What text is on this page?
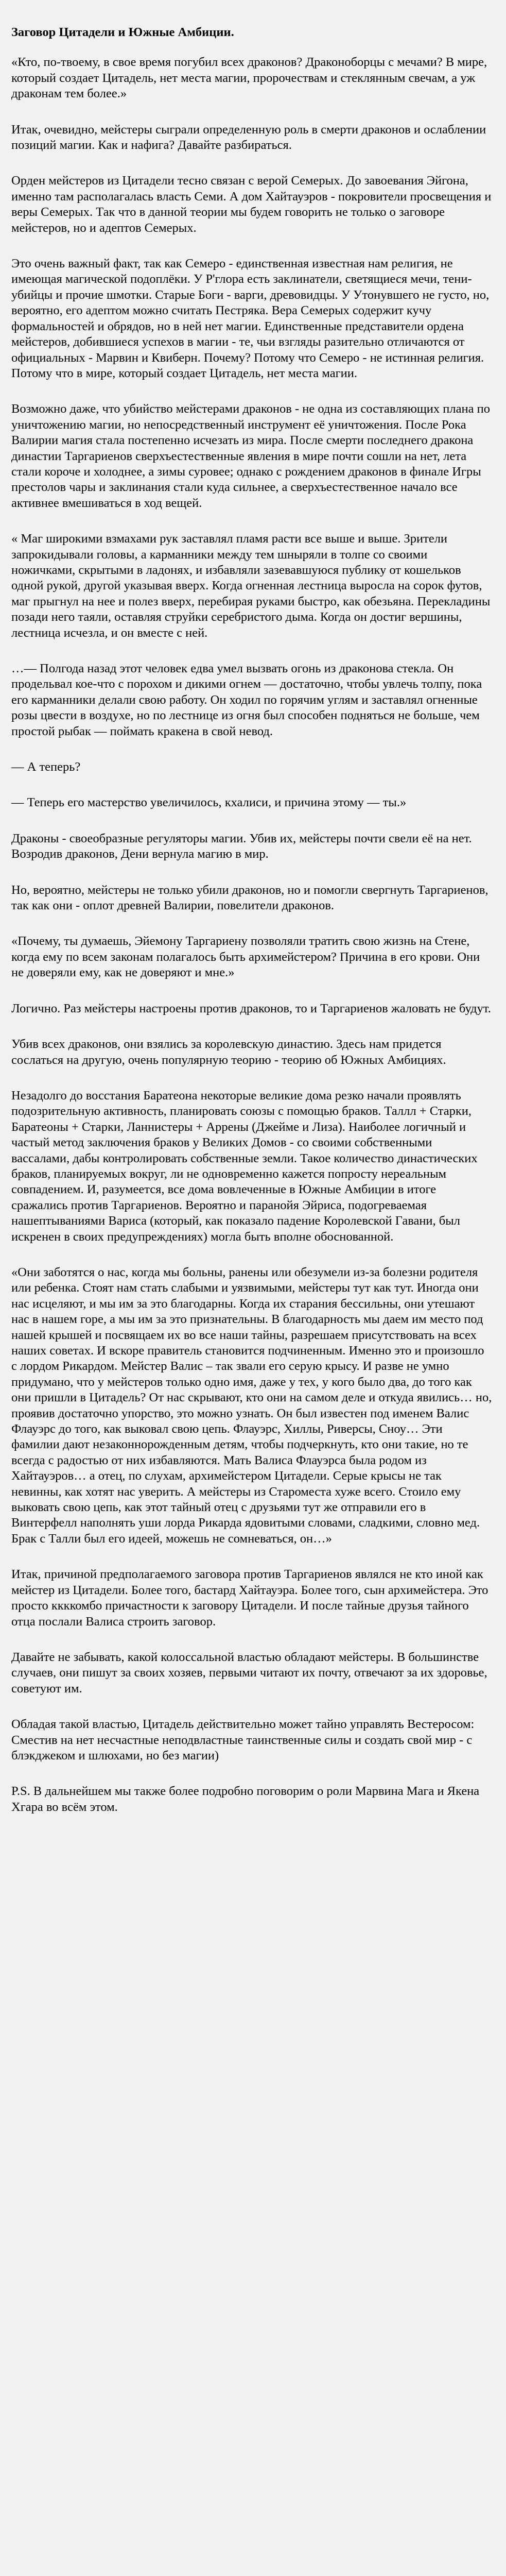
Заговор Цитадели и Южные Амбиции.

«Кто, по-твоему, в свое время погубил всех драконов? Драконоборцы с мечами? В мире, который создает Цитадель, нет места магии, пророчествам и стеклянным свечам, а уж драконам тем более.»

Итак, очевидно, мейстеры сыграли определенную роль в смерти драконов и ослаблении позиций магии. Как и нафига? Давайте разбираться.

Орден мейстеров из Цитадели тесно связан с верой Семерых. До завоевания Эйгона, именно там располагалась власть Семи. А дом Хайтауэров - покровители просвещения и веры Семерых. Так что в данной теории мы будем говорить не только о заговоре мейстеров, но и адептов Семерых.

Это очень важный факт, так как Семеро - единственная известная нам религия, не имеющая магической подоплёки. У Р'глора есть заклинатели, светящиеся мечи, тени-убийцы и прочие шмотки. Старые Боги - варги, древовидцы. У Утонувшего не густо, но, вероятно, его адептом можно считать Пестряка. Вера Семерых содержит кучу формальностей и обрядов, но в ней нет магии. Единственные представители ордена мейстеров, добившиеся успехов в магии - те, чьи взгляды разительно отличаются от официальных - Марвин и Квиберн. Почему? Потому что Семеро - не истинная религия. Потому что в мире, который создает Цитадель, нет места магии.

Возможно даже, что убийство мейстерами драконов - не одна из составляющих плана по уничтожению магии, но непосредственный инструмент её уничтожения. После Рока Валирии магия стала постепенно исчезать из мира. После смерти последнего дракона династии Таргариенов сверхъестественные явления в мире почти сошли на нет, лета стали короче и холоднее, а зимы суровее; однако с рождением драконов в финале Игры престолов чары и заклинания стали куда сильнее, а сверхъестественное начало все активнее вмешиваться в ход вещей.

« Маг широкими взмахами рук заставлял пламя расти все выше и выше. Зрители запрокидывали головы, а карманники между тем шныряли в толпе со своими ножичками, скрытыми в ладонях, и избавляли зазевавшуюся публику от кошельков одной рукой, другой указывая вверх. Когда огненная лестница выросла на сорок футов, маг прыгнул на нее и полез вверх, перебирая руками быстро, как обезьяна. Перекладины позади него таяли, оставляя струйки серебристого дыма. Когда он достиг вершины, лестница исчезла, и он вместе с ней.

…— Полгода назад этот человек едва умел вызвать огонь из драконова стекла. Он продельвал кое-что с порохом и дикими огнем — достаточно, чтобы увлечь толпу, пока его карманники делали свою работу. Он ходил по горячим углям и заставлял огненные розы цвести в воздухе, но по лестнице из огня был способен подняться не больше, чем простой рыбак — поймать кракена в свой невод.

— А теперь?

— Теперь его мастерство увеличилось, кхалиси, и причина этому — ты.»

Драконы - своеобразные регуляторы магии. Убив их, мейстеры почти свели её на нет. Возродив драконов, Дени вернула магию в мир.

Но, вероятно, мейстеры не только убили драконов, но и помогли свергнуть Таргариенов, так как они - оплот древней Валирии, повелители драконов.

«Почему, ты думаешь, Эйемону Таргариену позволяли тратить свою жизнь на Стене, когда ему по всем законам полагалось быть архимейстером? Причина в его крови. Они не доверяли ему, как не доверяют и мне.»

Логично. Раз мейстеры настроены против драконов, то и Таргариенов жаловать не будут.

Убив всех драконов, они взялись за королевскую династию. Здесь нам придется сослаться на другую, очень популярную теорию - теорию об Южных Амбициях.

Незадолго до восстания Баратеона некоторые великие дома резко начали проявлять подозрительную активность, планировать союзы с помощью браков. Таллл + Старки, Баратеоны + Старки, Ланнистеры + Аррены (Джейме и Лиза). Наиболее логичный и частый метод заключения браков у Великих Домов - со своими собственными вассалами, дабы контролировать собственные земли. Такое количество династических браков, планируемых вокруг, ли не одновременно кажется попросту нереальным совпадением. И, разумеется, все дома вовлеченные в Южные Амбиции в итоге сражались против Таргариенов. Вероятно и паранойя Эйриса, подогреваемая нашептываниями Вариса (который, как показало падение Королевской Гавани, был искренен в своих предупреждениях) могла быть вполне обоснованной.

«Они заботятся о нас, когда мы больны, ранены или обезумели из-за болезни родителя или ребенка. Стоят нам стать слабыми и уязвимыми, мейстеры тут как тут. Иногда они нас исцеляют, и мы им за это благодарны. Когда их старания бессильны, они утешают нас в нашем горе, а мы им за это признательны. В благодарность мы даем им место под нашей крышей и посвящаем их во все наши тайны, разрешаем присутствовать на всех наших советах. И вскоре правитель становится подчиненным. Именно это и произошло с лордом Рикардом. Мейстер Валис – так звали его серую крысу. И разве не умно придумано, что у мейстеров только одно имя, даже у тех, у кого было два, до того как они пришли в Цитадель? От нас скрывают, кто они на самом деле и откуда явились… но, проявив достаточно упорство, это можно узнать. Он был известен под именем Валис Флауэрс до того, как выковал свою цепь. Флауэрс, Хиллы, Риверсы, Сноу… Эти фамилии дают незаконнорожденным детям, чтобы подчеркнуть, кто они такие, но те всегда с радостью от них избавляются. Мать Валиса Флауэрса была родом из Хайтауэров… а отец, по слухам, архимейстером Цитадели. Серые крысы не так невинны, как хотят нас уверить. А мейстеры из Староместа хуже всего. Стоило ему выковать свою цепь, как этот тайный отец с друзьями тут же отправили его в Винтерфелл наполнять уши лорда Рикарда ядовитыми словами, сладкими, словно мед. Брак с Талли был его идеей, можешь не сомневаться, он…»

Итак, причиной предполагаемого заговора против Таргариенов являлся не кто иной как мейстер из Цитадели. Более того, бастард Хайтауэра. Более того, сын архимейстера. Это просто ккккомбо причастности к заговору Цитадели. И после тайные друзья тайного отца послали Валиса строить заговор.

Давайте не забывать, какой колоссальной властью обладают мейстеры. В большинстве случаев, они пишут за своих хозяев, первыми читают их почту, отвечают за их здоровье, советуют им.

Обладая такой властью, Цитадель действительно может тайно управлять Вестеросом: Сместив на нет несчастные неподвластные таинственные силы и создать свой мир - с блэкджеком и шлюхами, но без магии)

P.S. В дальнейшем мы также более подробно поговорим о роли Марвина Мага и Якена Хгара во всём этом.
